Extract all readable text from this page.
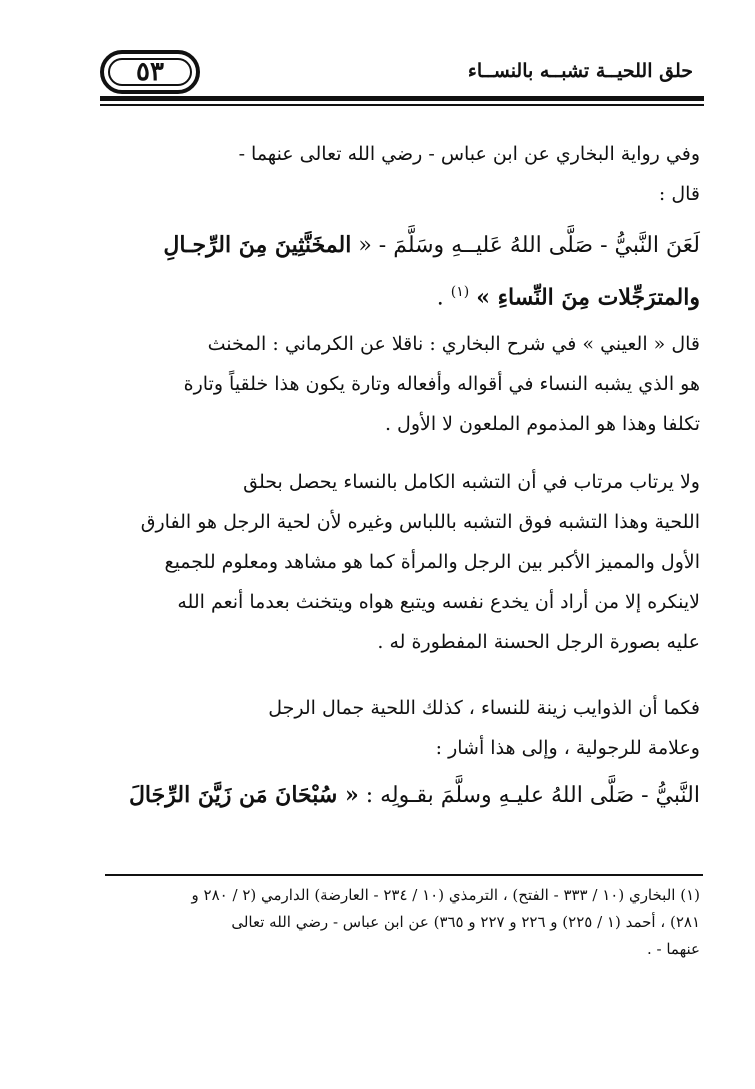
٥٣	حلق اللحيــة تشبــه بالنســاء
وفي رواية البخاري عن ابن عباس - رضي الله تعالى عنهما -
قال :
لَعَنَ النَّبيُّ - صَلَّى اللهُ عَليــهِ وسَلَّمَ - « المخَنَّثِينَ مِنَ الرِّجـالِ
والمترَجِّلات مِنَ النِّساءِ » $^{(١)}$ .
قال « العيني » في شرح البخاري : ناقلا عن الكرماني : المخنث
هو الذي يشبه النساء في أقواله وأفعاله وتارة يكون هذا خلقياً وتارة
تكلفا وهذا هو المذموم الملعون لا الأول .
ولا يرتاب مرتاب في أن التشبه الكامل بالنساء يحصل بحلق
اللحية وهذا التشبه فوق التشبه باللباس وغيره لأن لحية الرجل هو الفارق
الأول والمميز الأكبر بين الرجل والمرأة كما هو مشاهد ومعلوم للجميع
لاينكره إلا من أراد أن يخدع نفسه ويتبع هواه ويتخنث بعدما أنعم الله
عليه بصورة الرجل الحسنة المفطورة له .
فكما أن الذوايب زينة للنساء ، كذلك اللحية جمال الرجل
وعلامة للرجولية ، وإلى هذا أشار :
النَّبيُّ - صَلَّى اللهُ عليـهِ وسلَّمَ بقـولِه : « سُبْحَانَ مَن زَيَّنَ الرِّجَالَ
(١) البخاري (١٠ / ٣٣٣ - الفتح) ، الترمذي (١٠ / ٢٣٤ - العارضة) الدارمي (٢ / ٢٨٠ و
٢٨١) ، أحمد (١ / ٢٢٥) و ٢٢٦ و ٢٢٧ و ٣٦٥) عن ابن عباس - رضي الله تعالى
عنهما - .
